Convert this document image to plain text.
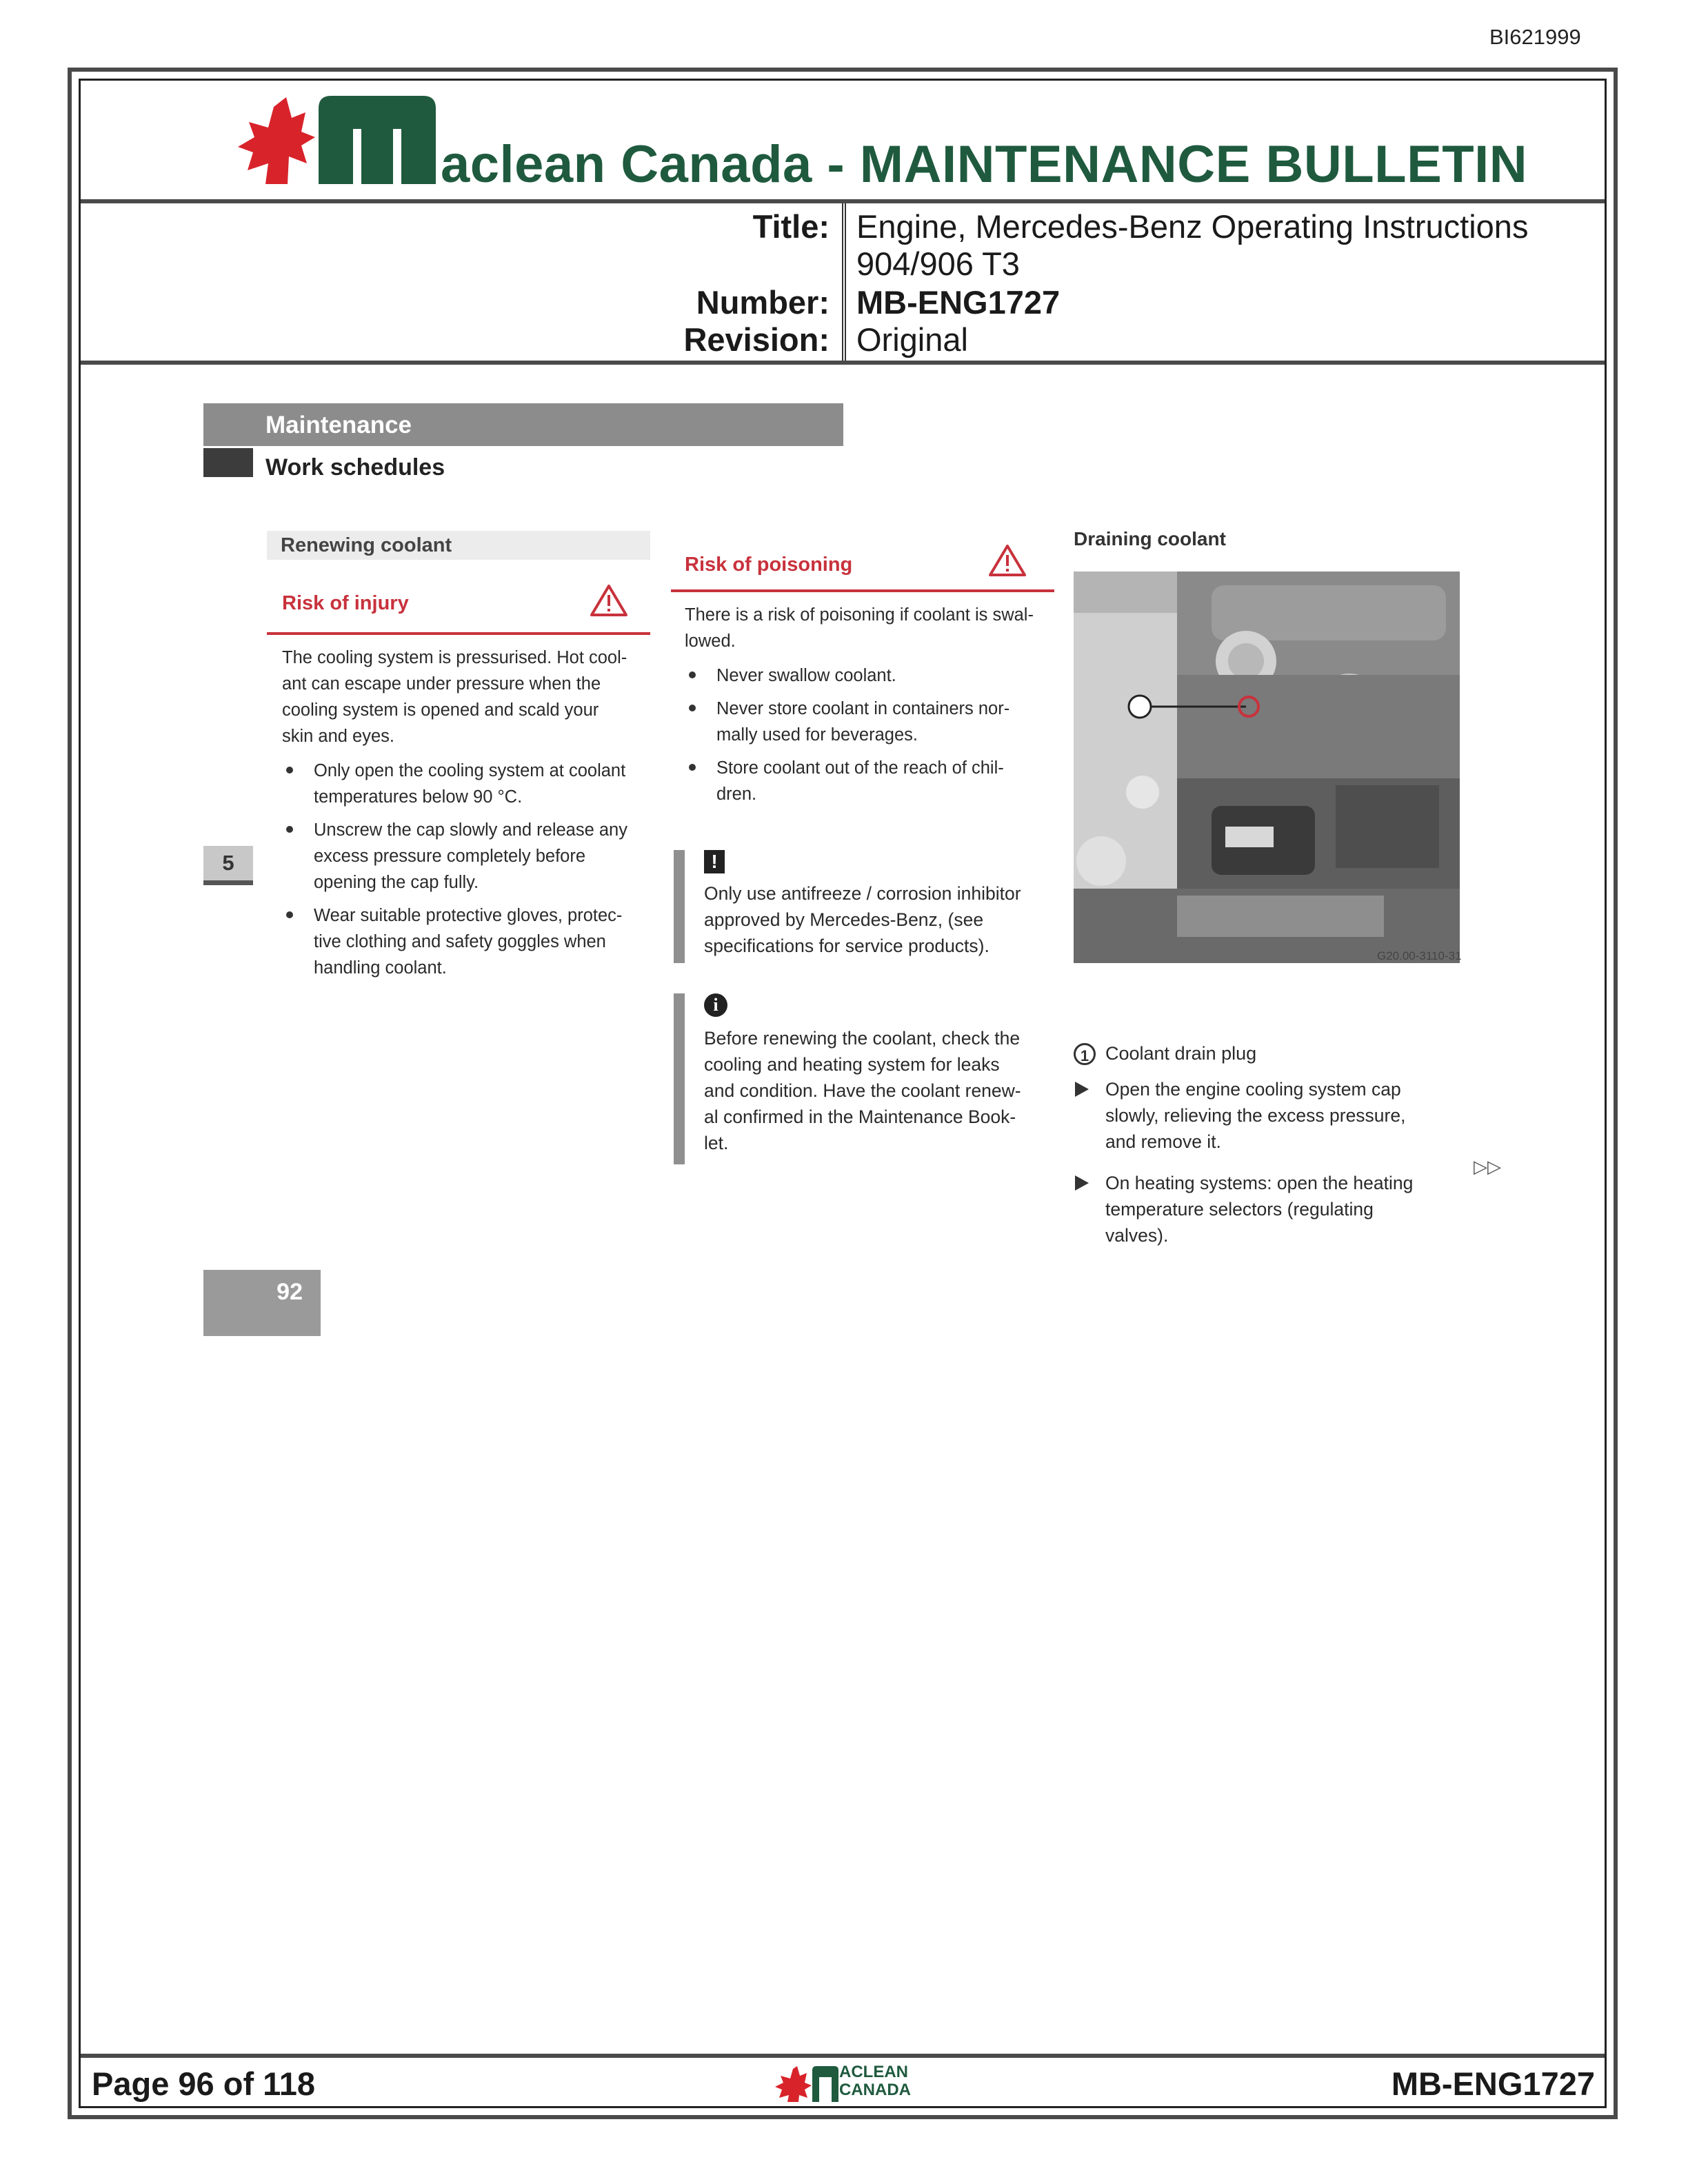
BI621999
aclean Canada - MAINTENANCE BULLETIN
Title: Engine, Mercedes-Benz Operating Instructions
904/906 T3
Number: MB-ENG1727
Revision: Original
Maintenance
Work schedules
Renewing coolant
Risk of injury
The cooling system is pressurised. Hot cool-
ant can escape under pressure when the
cooling system is opened and scald your
skin and eyes.
Only open the cooling system at coolant
temperatures below 90 °C.
Unscrew the cap slowly and release any
excess pressure completely before
opening the cap fully.
Wear suitable protective gloves, protec-
tive clothing and safety goggles when
handling coolant.
5
Risk of poisoning
There is a risk of poisoning if coolant is swal-
lowed.
Never swallow coolant.
Never store coolant in containers nor-
mally used for beverages.
Store coolant out of the reach of chil-
dren.
!
Only use antifreeze / corrosion inhibitor
approved by Mercedes-Benz, (see
specifications for service products).
i
Before renewing the coolant, check the
cooling and heating system for leaks
and condition. Have the coolant renew-
al confirmed in the Maintenance Book-
let.
Draining coolant
G20.00-3110-31
1 Coolant drain plug
Open the engine cooling system cap
slowly, relieving the excess pressure,
and remove it.
On heating systems: open the heating
temperature selectors (regulating
valves).
▷▷
92
Page 96 of 118	ACLEAN
CANADA	MB-ENG1727
